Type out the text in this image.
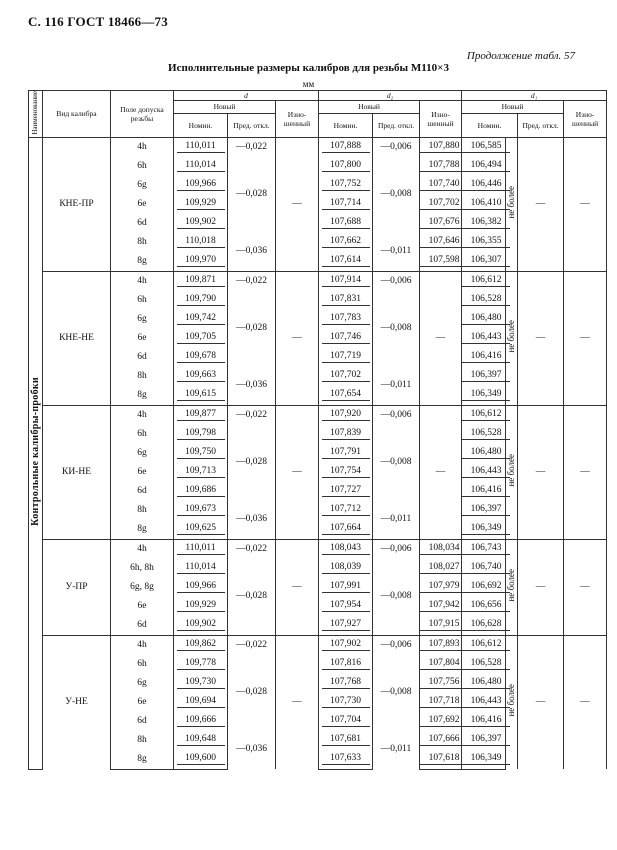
С. 116 ГОСТ 18466—73
Продолжение табл. 57
Исполнительные размеры калибров для резьбы М110×3
мм
Наименование	Вид калибра	Поле допуска резьбы	d			d₂			d₁			
			Новый		Изно-шенный	Новый		Изно-шенный	Новый			Изно-шенный
			Номин.	Пред. откл.		Номин.	Пред. откл.		Номин.		Пред. откл.	
Контрольные калибры-пробки	КНЕ-ПР	4h	110,011	—0,022	—	107,888	—0,006	107,880	106,585	не более	—	—
		6h	110,014	—0,028		107,800	—0,008	107,788	106,494			
		6g	109,966			107,752		107,740	106,446			
		6e	109,929			107,714		107,702	106,410			
		6d	109,902			107,688		107,676	106,382			
		8h	110,018	—0,036		107,662	—0,011	107,646	106,355			
		8g	109,970			107,614		107,598	106,307			
	КНЕ-НЕ	4h	109,871	—0,022	—	107,914	—0,006	—	106,612	не более	—	—
		6h	109,790	—0,028		107,831	—0,008		106,528			
		6g	109,742			107,783			106,480			
		6e	109,705			107,746			106,443			
		6d	109,678			107,719			106,416			
		8h	109,663	—0,036		107,702	—0,011		106,397			
		8g	109,615			107,654			106,349			
	КИ-НЕ	4h	109,877	—0,022	—	107,920	—0,006	—	106,612	не более	—	—
		6h	109,798	—0,028		107,839	—0,008		106,528			
		6g	109,750			107,791			106,480			
		6e	109,713			107,754			106,443			
		6d	109,686			107,727			106,416			
		8h	109,673	—0,036		107,712	—0,011		106,397			
		8g	109,625			107,664			106,349			
	У-ПР	4h	110,011	—0,022	—	108,043	—0,006	108,034	106,743	не более	—	—
		6h, 8h	110,014	—0,028		108,039	—0,008	108,027	106,740			
		6g, 8g	109,966			107,991		107,979	106,692			
		6e	109,929			107,954		107,942	106,656			
		6d	109,902			107,927		107,915	106,628			
	У-НЕ	4h	109,862	—0,022	—	107,902	—0,006	107,893	106,612	не более	—	—
		6h	109,778	—0,028		107,816	—0,008	107,804	106,528			
		6g	109,730			107,768		107,756	106,480			
		6e	109,694			107,730		107,718	106,443			
		6d	109,666			107,704		107,692	106,416			
		8h	109,648	—0,036		107,681	—0,011	107,666	106,397			
		8g	109,600			107,633		107,618	106,349			
